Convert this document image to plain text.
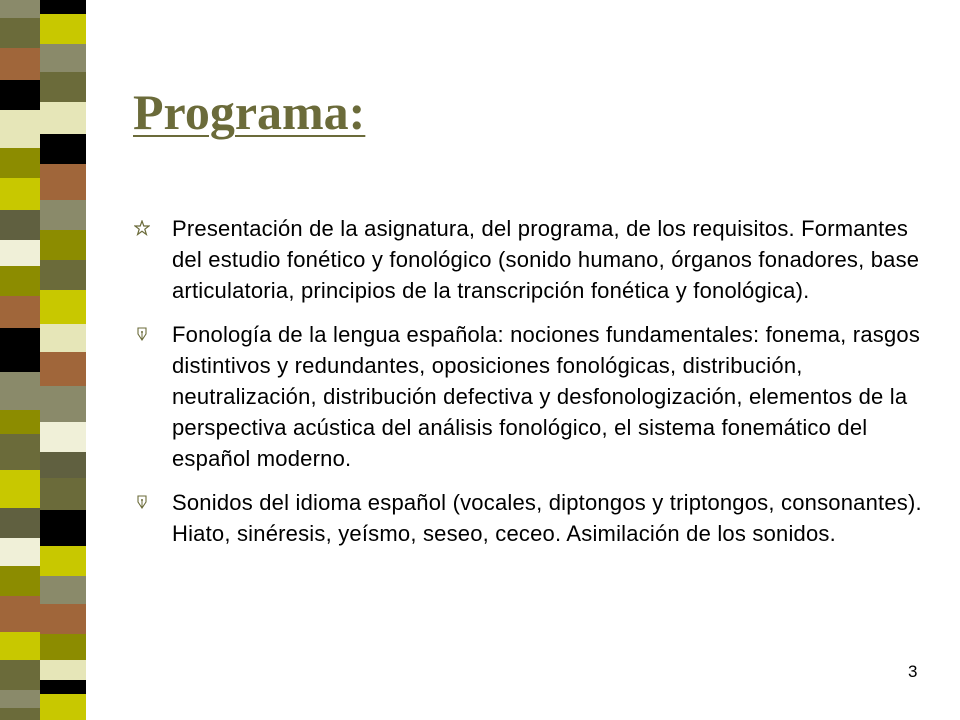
Programa:
Presentación de la asignatura, del programa, de los requisitos. Formantes del estudio fonético y fonológico (sonido humano, órganos fonadores, base articulatoria, principios de la transcripción fonética y fonológica).
Fonología de la lengua española: nociones fundamentales: fonema, rasgos distintivos y redundantes, oposiciones fonológicas, distribución, neutralización, distribución defectiva y desfonologización, elementos de la perspectiva acústica del análisis fonológico, el sistema fonemático del español moderno.
Sonidos del idioma español (vocales, diptongos y triptongos, consonantes). Hiato, sinéresis, yeísmo, seseo, ceceo. Asimilación de los sonidos.
3
